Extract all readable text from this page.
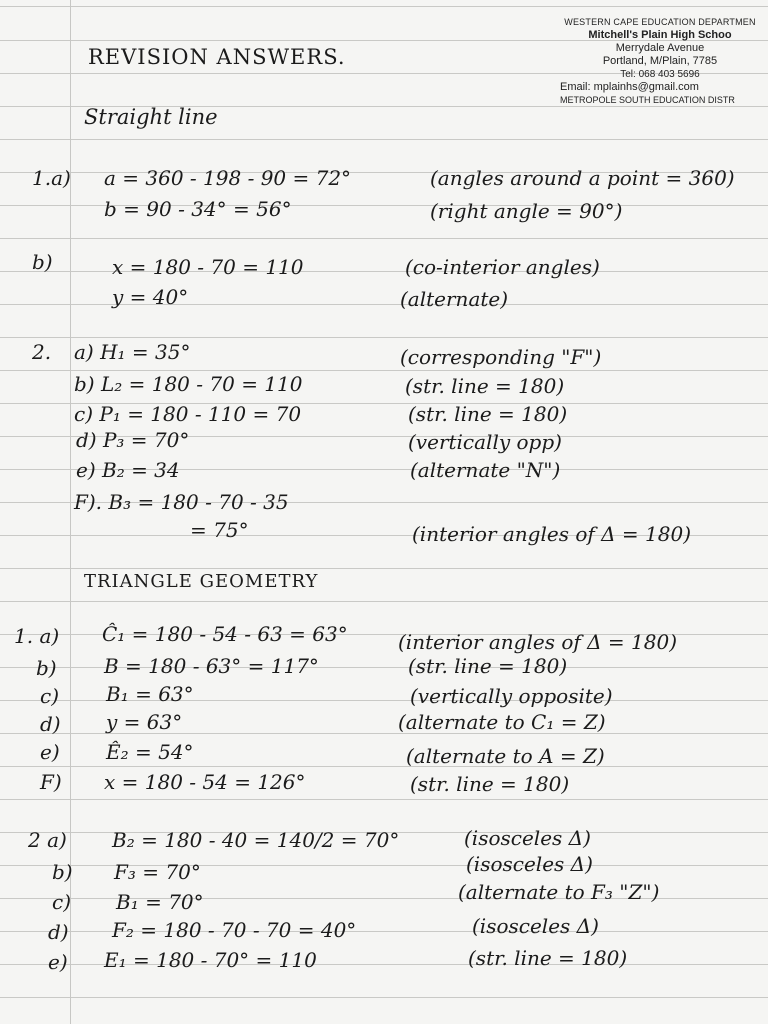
WESTERN CAPE EDUCATION DEPARTMEN
Mitchell's Plain High Schoo
Merrydale Avenue
Portland, M/Plain, 7785
Tel: 068 403 5696
Email: mplainhs@gmail.com
METROPOLE SOUTH EDUCATION DISTR
REVISION ANSWERS.
Straight line
1.a) a = 360 - 198 - 90 = 72°	(angles around a point = 360)
b = 90 - 34° = 56°	(right angle = 90°)
b)	x = 180 - 70 = 110	(co-interior angles)
y = 40°	(alternate)
2. a) H₁ = 35°	(corresponding "F")
b) L₂ = 180 - 70 = 110	(str. line = 180)
c) P₁ = 180 - 110 = 70	(str. line = 180)
d) P₃ = 70°	(vertically opp)
e) B₂ = 34	(alternate "N")
F). B₃ = 180 - 70 - 35
= 75°	(interior angles of Δ = 180)
TRIANGLE GEOMETRY
1. a) Ĉ₁ = 180 - 54 - 63 = 63°	(interior angles of Δ = 180)
b) B = 180 - 63° = 117°	(str. line = 180)
c) B₁ = 63°	(vertically opposite)
d) y = 63°	(alternate to C₁ = Z)
e) Ê₂ = 54°	(alternate to A = Z)
F) x = 180 - 54 = 126°	(str. line = 180)
2 a) B₂ = 180 - 40 = 140/2 = 70°	(isosceles Δ)
b) F₃ = 70°	(isosceles Δ)
c) B₁ = 70°	(alternate to F₃ "Z")
d) F₂ = 180 - 70 - 70 = 40°	(isosceles Δ)
e) E₁ = 180 - 70° = 110	(str. line = 180)
